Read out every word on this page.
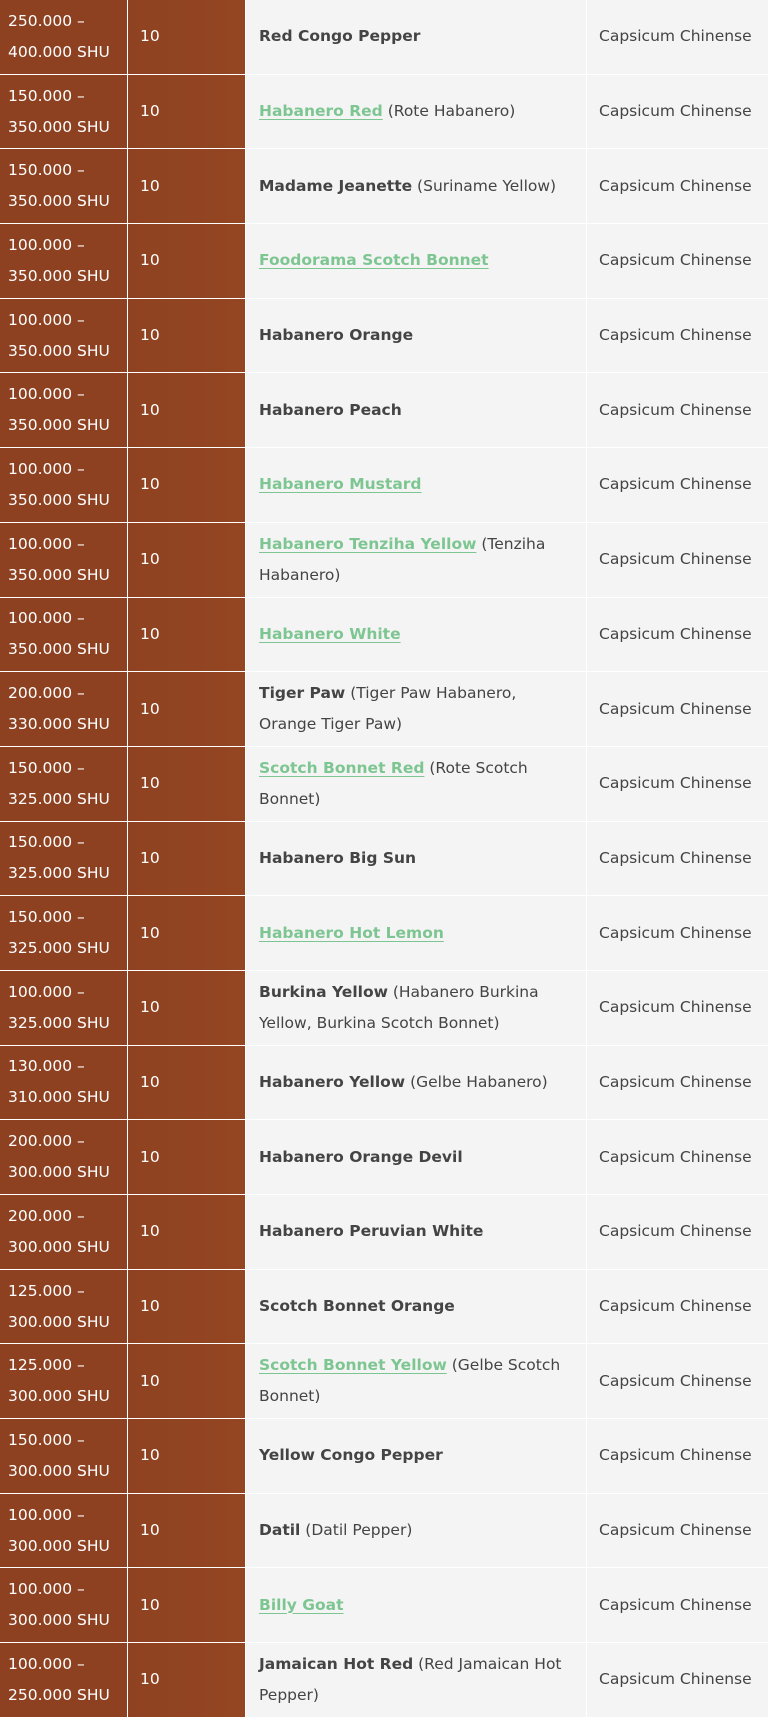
250.000 –
400.000 SHU
10	Red Congo Pepper	Capsicum Chinense
150.000 –
350.000 SHU
10	Habanero Red (Rote Habanero)	Capsicum Chinense
150.000 –
350.000 SHU
10	Madame Jeanette (Suriname Yellow)	Capsicum Chinense
100.000 –
350.000 SHU
10	Foodorama Scotch Bonnet	Capsicum Chinense
100.000 –
350.000 SHU
10	Habanero Orange	Capsicum Chinense
100.000 –
350.000 SHU
10	Habanero Peach	Capsicum Chinense
100.000 –
350.000 SHU
10	Habanero Mustard	Capsicum Chinense
100.000 –
350.000 SHU
10
Habanero Tenziha Yellow (Tenziha Habanero)
Capsicum Chinense
100.000 –
350.000 SHU
10	Habanero White	Capsicum Chinense
200.000 –
330.000 SHU
10
Tiger Paw (Tiger Paw Habanero, Orange Tiger Paw)
Capsicum Chinense
150.000 –
325.000 SHU
10
Scotch Bonnet Red (Rote Scotch Bonnet)
Capsicum Chinense
150.000 –
325.000 SHU
10	Habanero Big Sun	Capsicum Chinense
150.000 –
325.000 SHU
10	Habanero Hot Lemon	Capsicum Chinense
100.000 –
325.000 SHU
10
Burkina Yellow (Habanero Burkina Yellow, Burkina Scotch Bonnet)
Capsicum Chinense
130.000 –
310.000 SHU
10	Habanero Yellow (Gelbe Habanero)	Capsicum Chinense
200.000 –
300.000 SHU
10	Habanero Orange Devil	Capsicum Chinense
200.000 –
300.000 SHU
10	Habanero Peruvian White	Capsicum Chinense
125.000 –
300.000 SHU
10	Scotch Bonnet Orange	Capsicum Chinense
125.000 –
300.000 SHU
10
Scotch Bonnet Yellow (Gelbe Scotch Bonnet)
Capsicum Chinense
150.000 –
300.000 SHU
10	Yellow Congo Pepper	Capsicum Chinense
100.000 –
300.000 SHU
10	Datil (Datil Pepper)	Capsicum Chinense
100.000 –
300.000 SHU
10	Billy Goat	Capsicum Chinense
100.000 –
250.000 SHU
10
Jamaican Hot Red (Red Jamaican Hot Pepper)
Capsicum Chinense
